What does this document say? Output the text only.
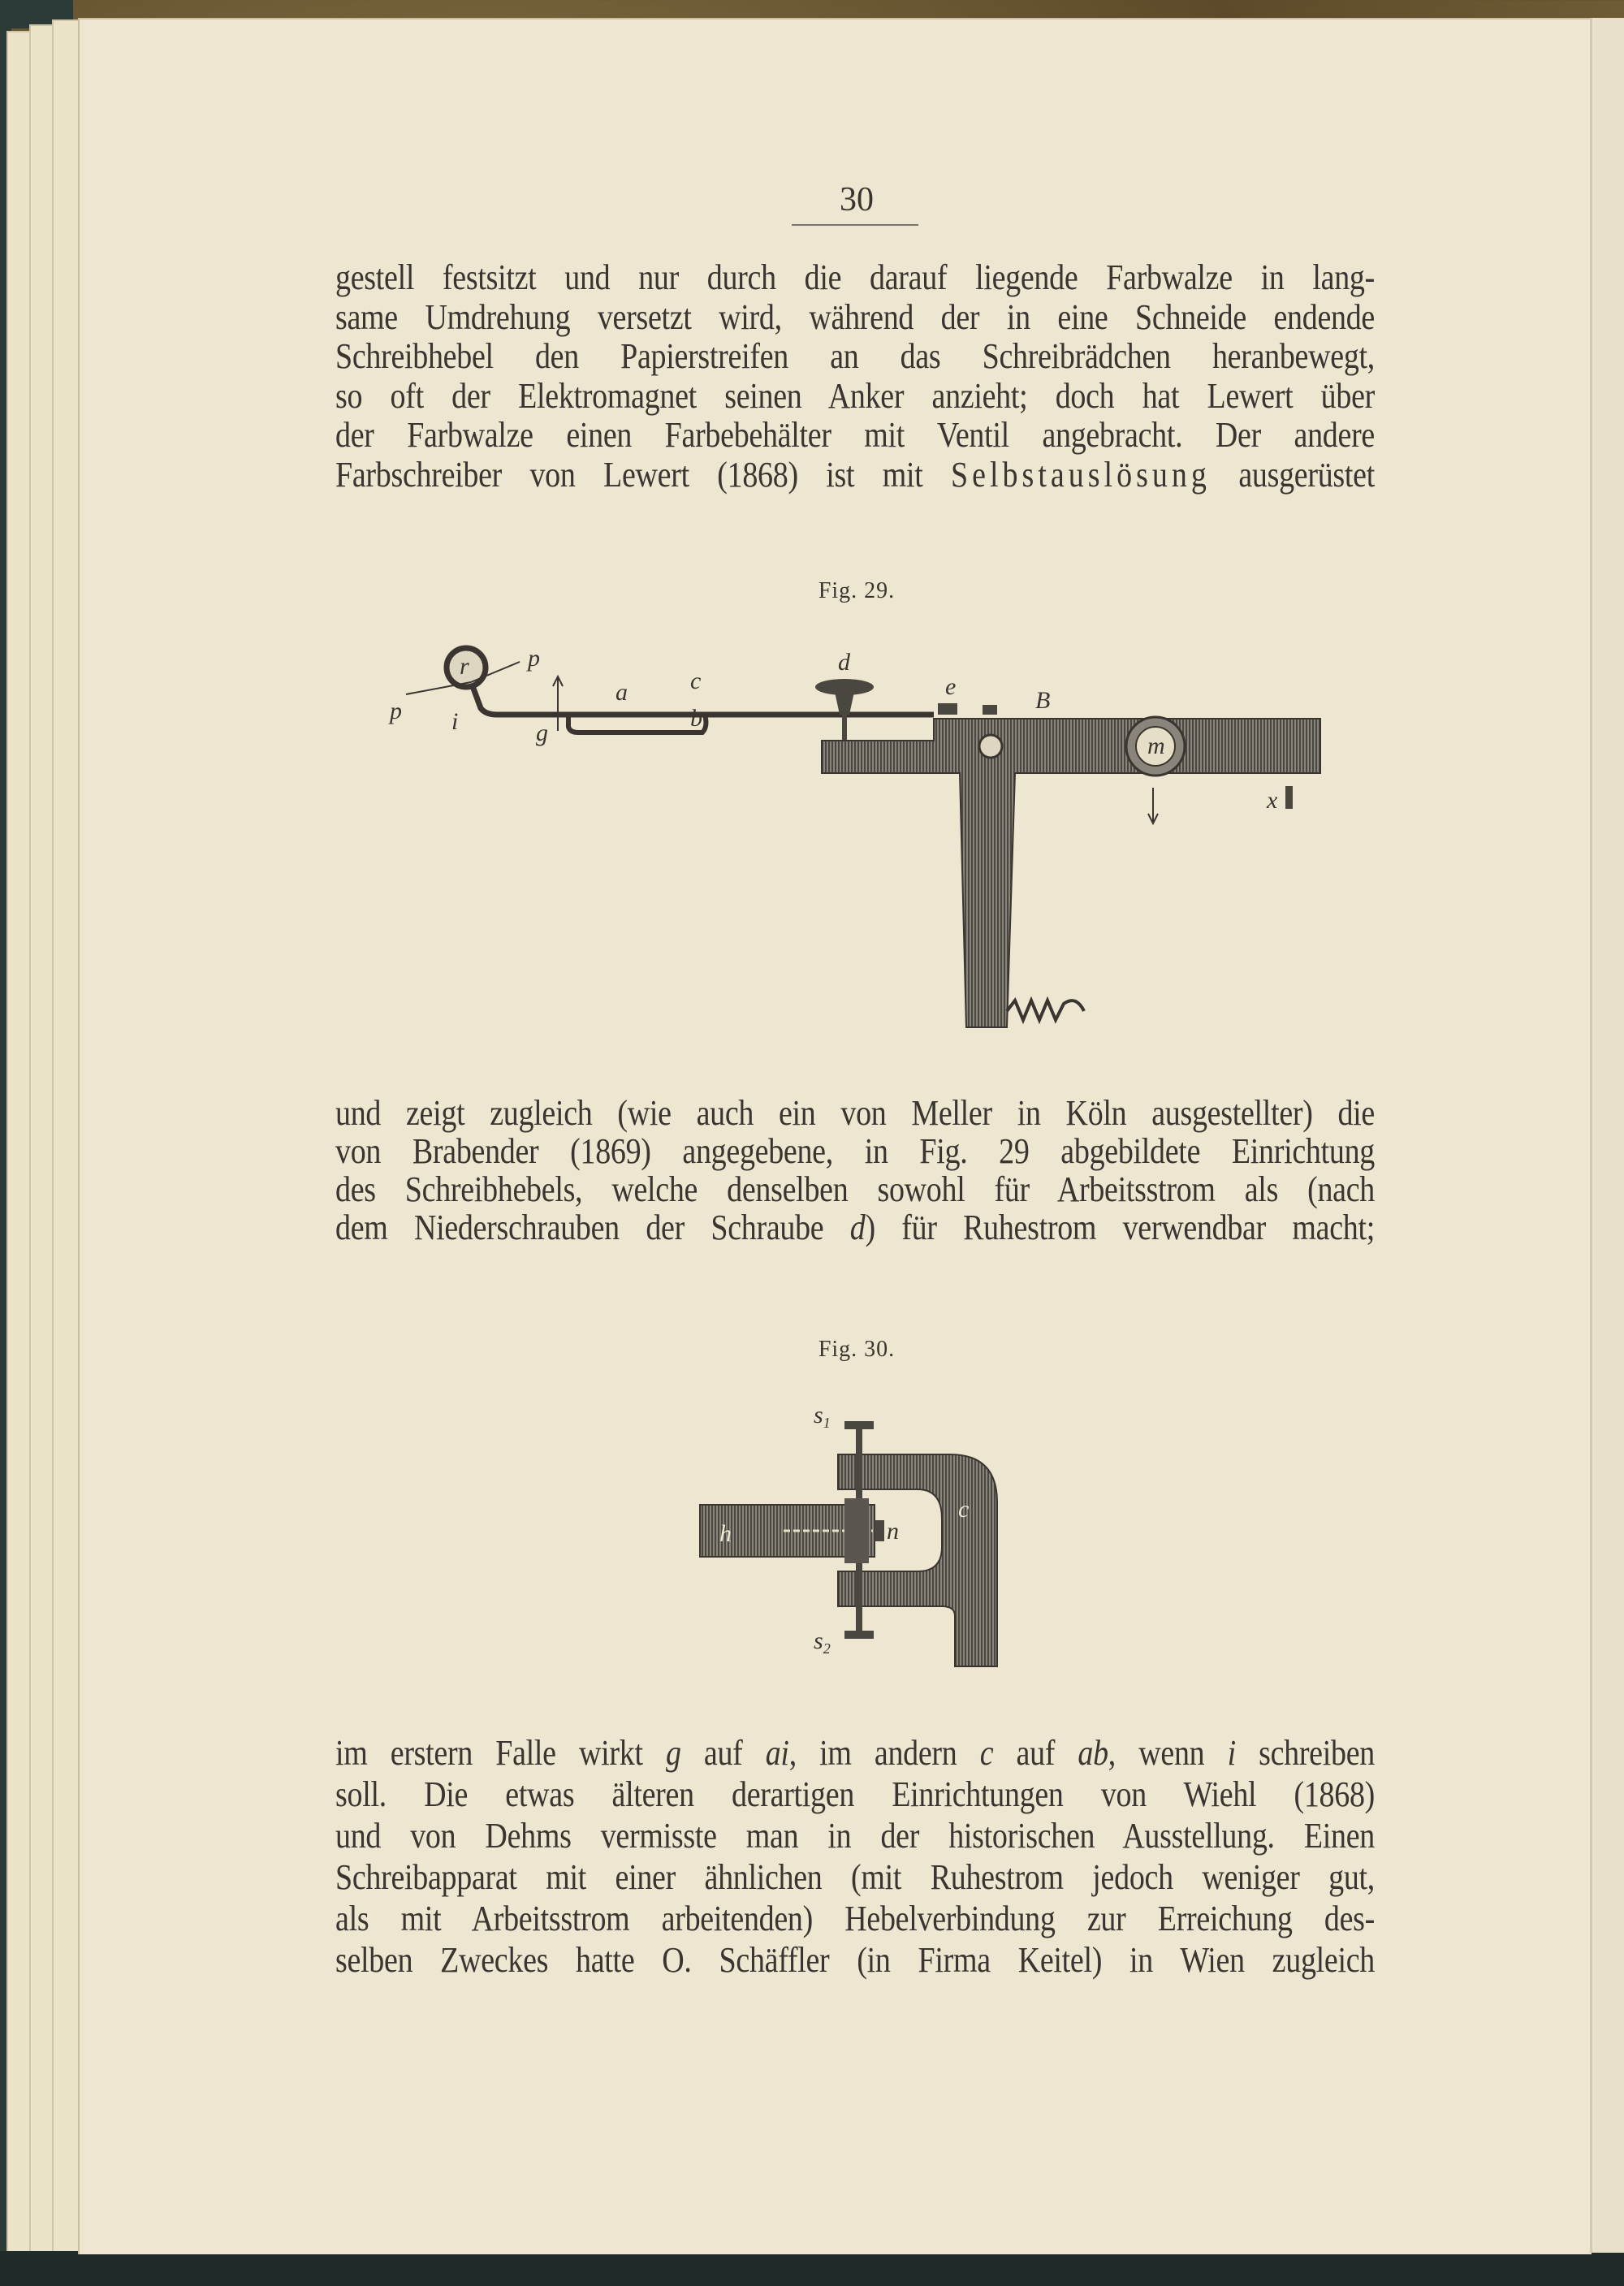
30
gestell festsitzt und nur durch die darauf liegende Farbwalze in lang-
same Umdrehung versetzt wird, während der in eine Schneide endende
Schreibhebel den Papierstreifen an das Schreibrädchen heranbewegt,
so oft der Elektromagnet seinen Anker anzieht; doch hat Lewert über
der Farbwalze einen Farbebehälter mit Ventil angebracht. Der andere
Farbschreiber von Lewert (1868) ist mit Selbstauslösung ausgerüstet
Fig. 29.
r
p
p
i
a	c
b
g
d
e
B
m
x
und zeigt zugleich (wie auch ein von Meller in Köln ausgestellter) die
von Brabender (1869) angegebene, in Fig. 29 abgebildete Einrichtung
des Schreibhebels, welche denselben sowohl für Arbeitsstrom als (nach
dem Niederschrauben der Schraube d) für Ruhestrom verwendbar macht;
Fig. 30.
$s_1$
$s_2$
h	n
c
im erstern Falle wirkt g auf ai, im andern c auf ab, wenn i schreiben
soll. Die etwas älteren derartigen Einrichtungen von Wiehl (1868)
und von Dehms vermisste man in der historischen Ausstellung. Einen
Schreibapparat mit einer ähnlichen (mit Ruhestrom jedoch weniger gut,
als mit Arbeitsstrom arbeitenden) Hebelverbindung zur Erreichung des-
selben Zweckes hatte O. Schäffler (in Firma Keitel) in Wien zugleich
